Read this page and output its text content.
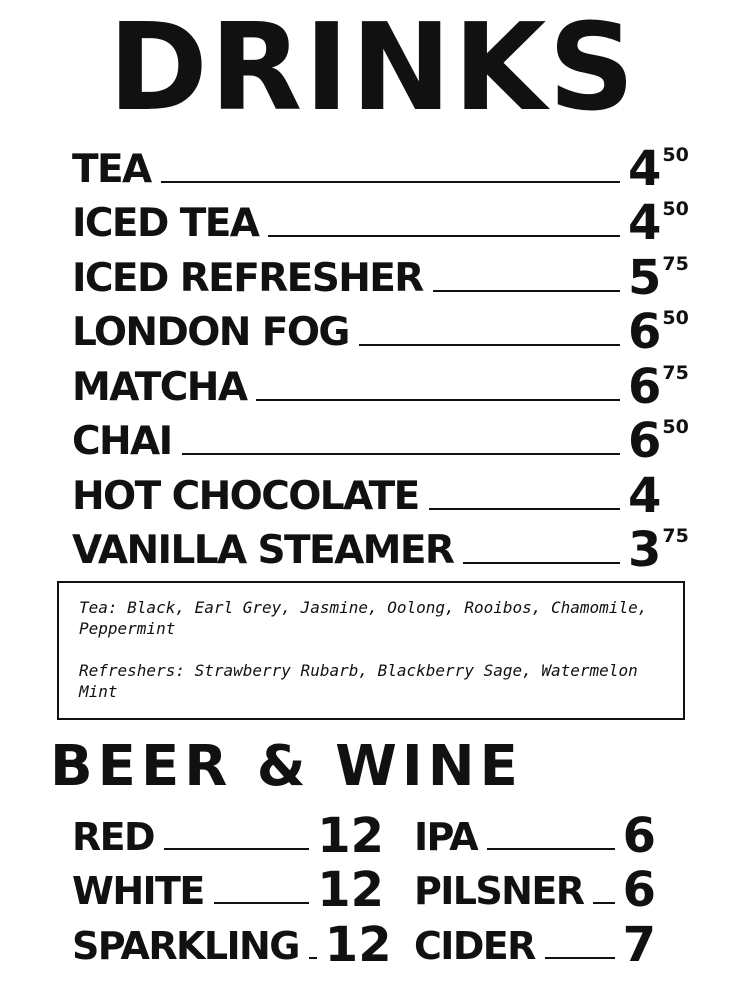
DRINKS
TEA	4 50
ICED TEA	4 50
ICED REFRESHER	5 75
LONDON FOG	6 50
MATCHA	6 75
CHAI	6 50
HOT CHOCOLATE	4
VANILLA STEAMER	3 75

Tea: Black, Earl Grey, Jasmine, Oolong, Rooibos, Chamomile, Peppermint

Refreshers: Strawberry Rubarb, Blackberry Sage, Watermelon Mint

BEER & WINE
RED	12
WHITE 12
SPARKLING 12
IPA	6
PILSNER 6
CIDER 7
